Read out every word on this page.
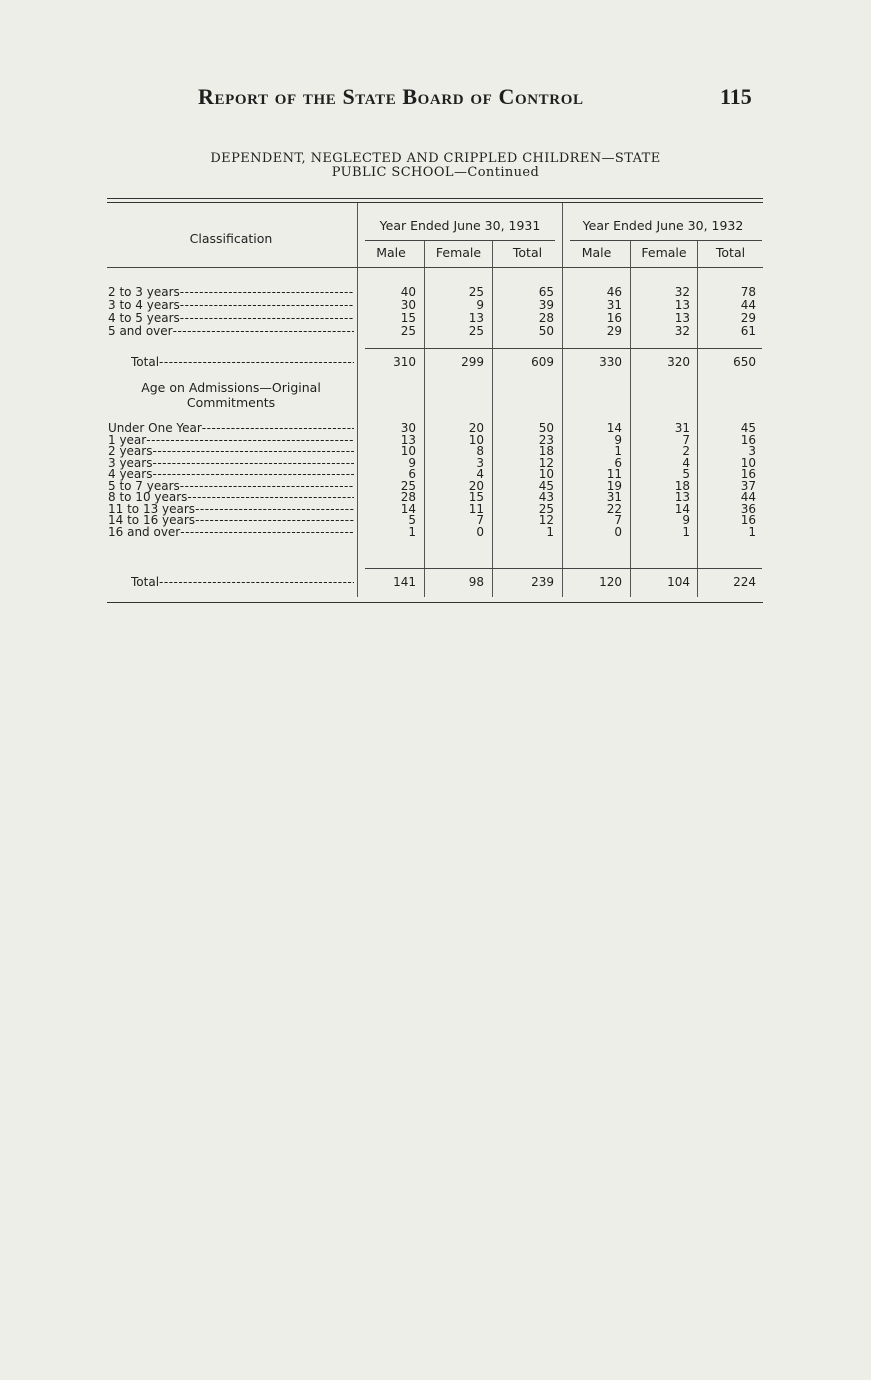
Report of the State Board of Control	115
DEPENDENT, NEGLECTED AND CRIPPLED CHILDREN—STATE
PUBLIC SCHOOL—Continued
Classification
Year Ended June 30, 1931	Year Ended June 30, 1932
Male	Female	Total	Male	Female	Total
Age on Admissions—Original
Commitments
2 to 3 years -----	40	25	65	46	32	78
3 to 4 years -----	30	9	39	31	13	44
4 to 5 years -----	15	13	28	16	13	29
5 and over -----	25	25	50	29	32	61
Total -----	310	299	609	330	320	650
Under One Year -----	30	20	50	14	31	45
1 year -----	13	10	23	9	7	16
2 years -----	10	8	18	1	2	3
3 years -----	9	3	12	6	4	10
4 years -----	6	4	10	11	5	16
5 to 7 years -----	25	20	45	19	18	37
8 to 10 years -----	28	15	43	31	13	44
11 to 13 years -----	14	11	25	22	14	36
14 to 16 years -----	5	7	12	7	9	16
16 and over -----	1	0	1	0	1	1
Total -----	141	98	239	120	104	224
